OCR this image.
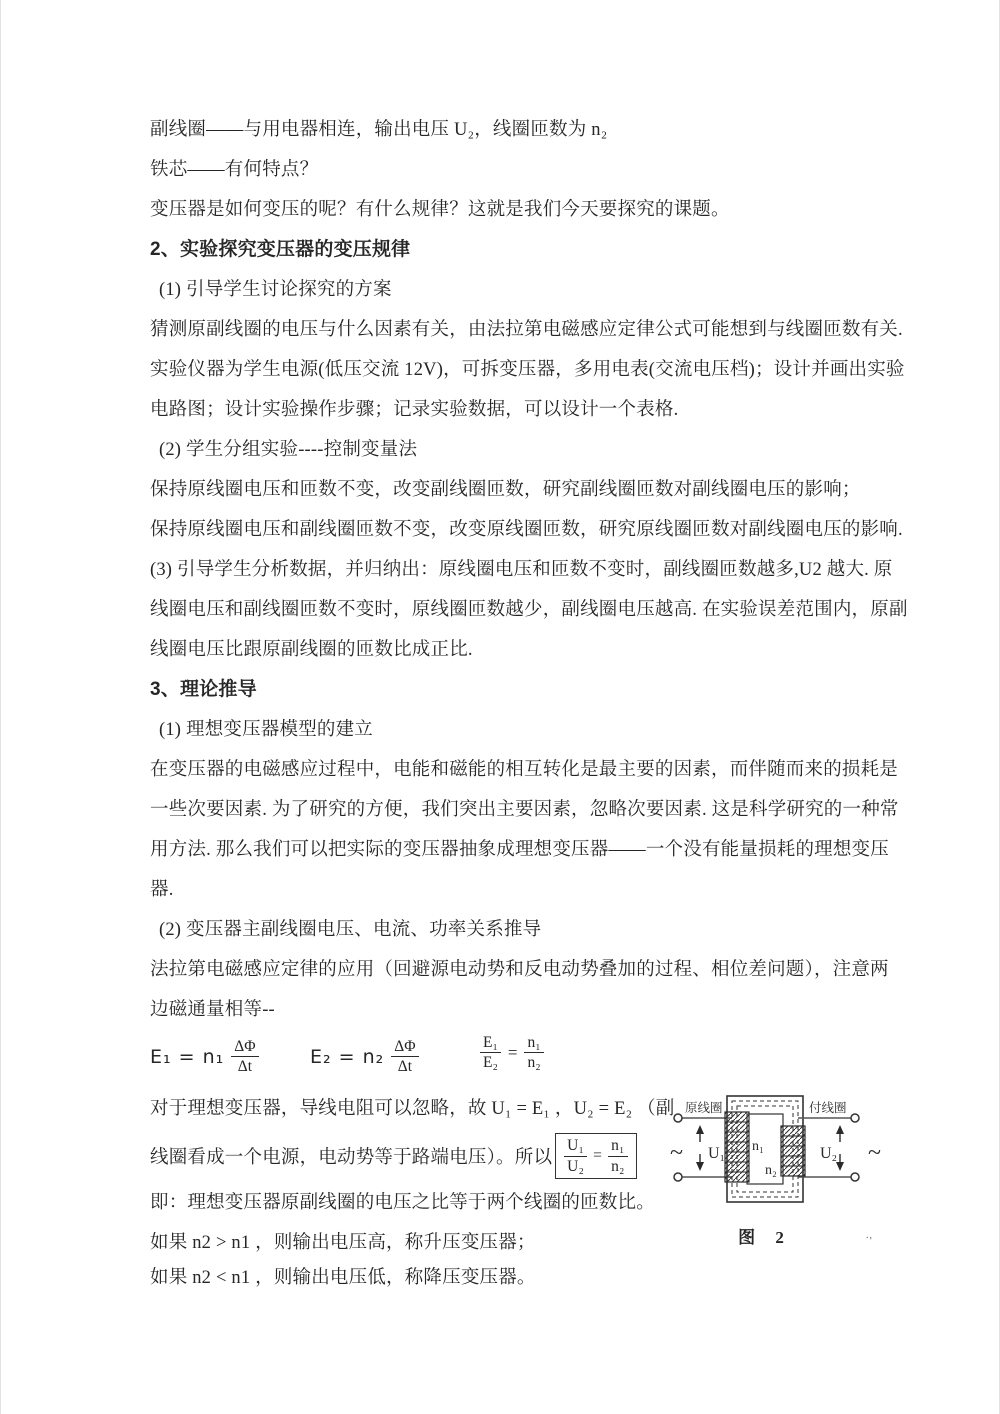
副线圈——与用电器相连，输出电压 U₂，线圈匝数为 n₂
铁芯——有何特点？
变压器是如何变压的呢？有什么规律？这就是我们今天要探究的课题。
2、实验探究变压器的变压规律
(1) 引导学生讨论探究的方案
猜测原副线圈的电压与什么因素有关，由法拉第电磁感应定律公式可能想到与线圈匝数有关.
实验仪器为学生电源(低压交流 12V)，可拆变压器，多用电表(交流电压档)；设计并画出实验
电路图；设计实验操作步骤；记录实验数据，可以设计一个表格.
(2) 学生分组实验----控制变量法
保持原线圈电压和匝数不变，改变副线圈匝数，研究副线圈匝数对副线圈电压的影响；
保持原线圈电压和副线圈匝数不变，改变原线圈匝数，研究原线圈匝数对副线圈电压的影响.
(3) 引导学生分析数据，并归纳出：原线圈电压和匝数不变时，副线圈匝数越多,U2 越大. 原
线圈电压和副线圈匝数不变时，原线圈匝数越少，副线圈电压越高. 在实验误差范围内，原副
线圈电压比跟原副线圈的匝数比成正比.
3、理论推导
(1) 理想变压器模型的建立
在变压器的电磁感应过程中，电能和磁能的相互转化是最主要的因素，而伴随而来的损耗是
一些次要因素. 为了研究的方便，我们突出主要因素，忽略次要因素. 这是科学研究的一种常
用方法. 那么我们可以把实际的变压器抽象成理想变压器——一个没有能量损耗的理想变压
器.
(2) 变压器主副线圈电压、电流、功率关系推导
法拉第电磁感应定律的应用（回避源电动势和反电动势叠加的过程、相位差问题），注意两
边磁通量相等--
$E_1 = n_1 \frac{\Delta\Phi}{\Delta t}$	$E_2 = n_2 \frac{\Delta\Phi}{\Delta t}$	$\frac{\text{E₁}}{\text{E₂}} = \frac{\text{n₁}}{\text{n₂}}$
对于理想变压器，导线电阻可以忽略，故 U₁ = E₁ ，U₂ = E₂ （副
线圈看成一个电源，电动势等于路端电压）。所以 $\frac{\text{U₁}}{\text{U₂}} = \frac{\text{n₁}}{\text{n₂}}$
即：理想变压器原副线圈的电压之比等于两个线圈的匝数比。
如果 n2 > n1 ，则输出电压高，称升压变压器；
如果 n2 < n1 ，则输出电压低，称降压变压器。
原线圈	付线圈
n₁
n₂
U₁	U₂
~	~
图 2	.,
